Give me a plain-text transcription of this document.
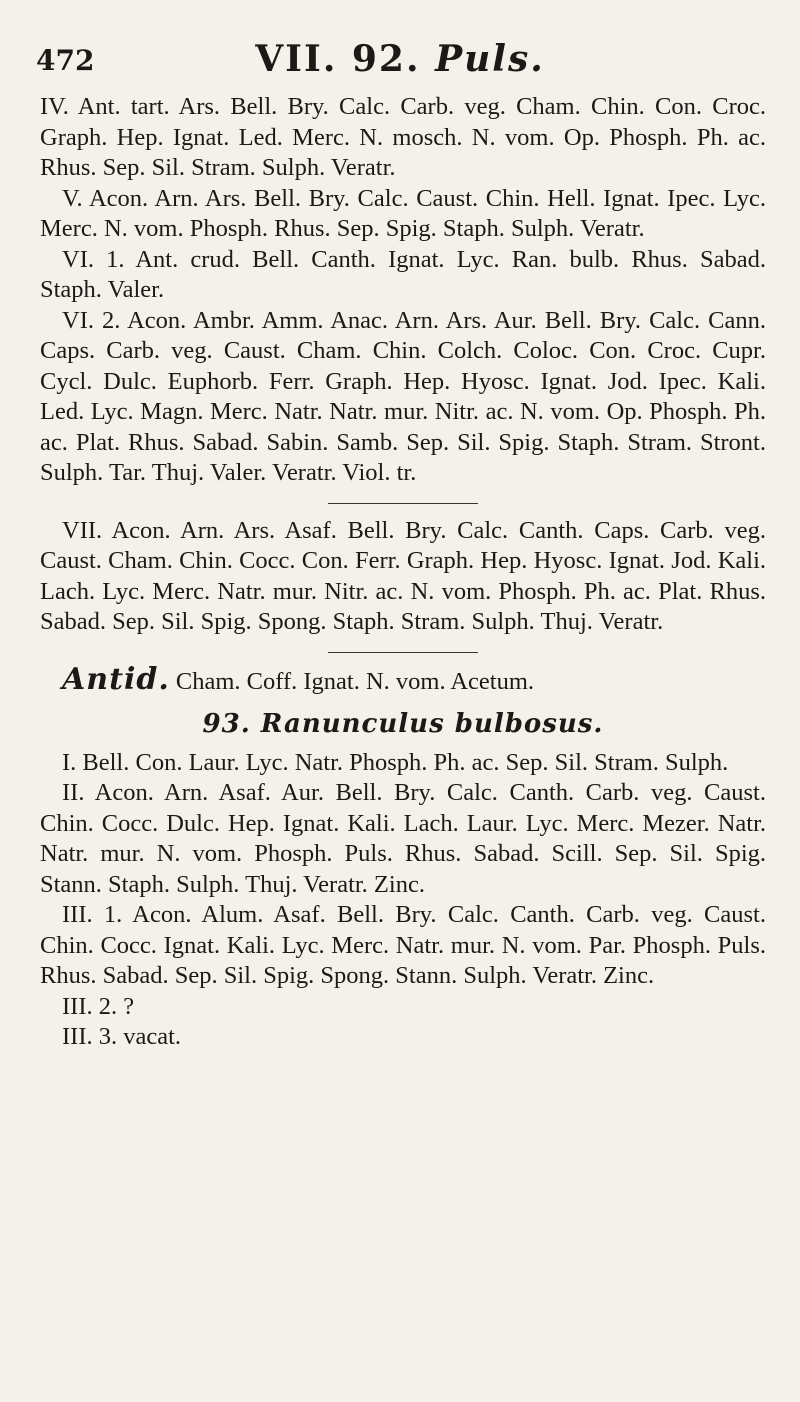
472	VII. 92. Puls.

IV. Ant. tart. Ars. Bell. Bry. Calc. Carb. veg. Cham. Chin. Con. Croc. Graph. Hep. Ignat. Led. Merc. N. mosch. N. vom. Op. Phosph. Ph. ac. Rhus. Sep. Sil. Stram. Sulph. Veratr.

V. Acon. Arn. Ars. Bell. Bry. Calc. Caust. Chin. Hell. Ignat. Ipec. Lyc. Merc. N. vom. Phosph. Rhus. Sep. Spig. Staph. Sulph. Veratr.

VI. 1. Ant. crud. Bell. Canth. Ignat. Lyc. Ran. bulb. Rhus. Sabad. Staph. Valer.

VI. 2. Acon. Ambr. Amm. Anac. Arn. Ars. Aur. Bell. Bry. Calc. Cann. Caps. Carb. veg. Caust. Cham. Chin. Colch. Coloc. Con. Croc. Cupr. Cycl. Dulc. Euphorb. Ferr. Graph. Hep. Hyosc. Ignat. Jod. Ipec. Kali. Led. Lyc. Magn. Merc. Natr. Natr. mur. Nitr. ac. N. vom. Op. Phosph. Ph. ac. Plat. Rhus. Sabad. Sabin. Samb. Sep. Sil. Spig. Staph. Stram. Stront. Sulph. Tar. Thuj. Valer. Veratr. Viol. tr.

VII. Acon. Arn. Ars. Asaf. Bell. Bry. Calc. Canth. Caps. Carb. veg. Caust. Cham. Chin. Cocc. Con. Ferr. Graph. Hep. Hyosc. Ignat. Jod. Kali. Lach. Lyc. Merc. Natr. mur. Nitr. ac. N. vom. Phosph. Ph. ac. Plat. Rhus. Sabad. Sep. Sil. Spig. Spong. Staph. Stram. Sulph. Thuj. Veratr.

Antid. Cham. Coff. Ignat. N. vom. Acetum.

93. Ranunculus bulbosus.

I. Bell. Con. Laur. Lyc. Natr. Phosph. Ph. ac. Sep. Sil. Stram. Sulph.

II. Acon. Arn. Asaf. Aur. Bell. Bry. Calc. Canth. Carb. veg. Caust. Chin. Cocc. Dulc. Hep. Ignat. Kali. Lach. Laur. Lyc. Merc. Mezer. Natr. Natr. mur. N. vom. Phosph. Puls. Rhus. Sabad. Scill. Sep. Sil. Spig. Stann. Staph. Sulph. Thuj. Veratr. Zinc.

III. 1. Acon. Alum. Asaf. Bell. Bry. Calc. Canth. Carb. veg. Caust. Chin. Cocc. Ignat. Kali. Lyc. Merc. Natr. mur. N. vom. Par. Phosph. Puls. Rhus. Sabad. Sep. Sil. Spig. Spong. Stann. Sulph. Veratr. Zinc.

III. 2. ?

III. 3. vacat.
